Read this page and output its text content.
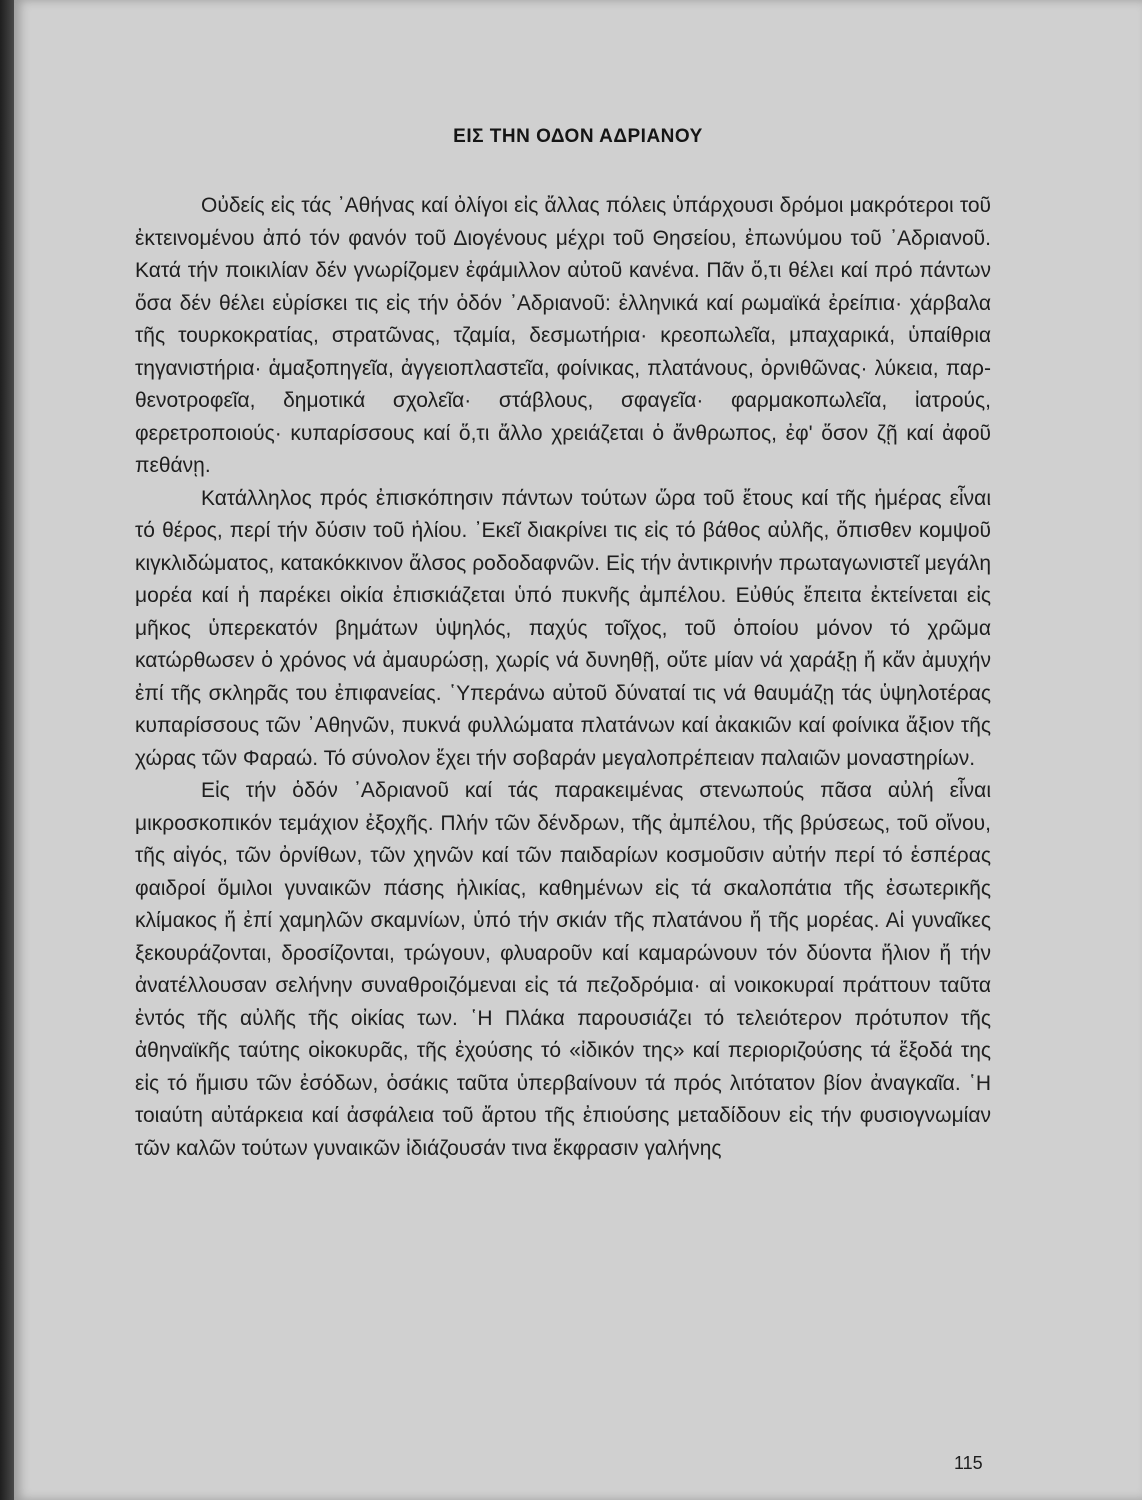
ΕΙΣ ΤΗΝ ΟΔΟΝ ΑΔΡΙΑΝΟΥ

Οὐδείς εἰς τάς ᾿Αθήνας καί ὀλίγοι εἰς ἄλλας πόλεις ὑπάρχουσι δρόμοι μακρότεροι τοῦ ἐκτεινομένου ἀπό τόν φανόν τοῦ Διογένους μέχρι τοῦ Θησείου, ἐπωνύμου τοῦ ᾿Αδριανοῦ. Κατά τήν ποικιλίαν δέν γνωρίζομεν ἐφάμιλλον αὐτοῦ κανένα. Πᾶν ὅ,τι θέλει καί πρό πάντων ὅσα δέν θέλει εὑρίσκει τις εἰς τήν ὁδόν ᾿Αδριανοῦ: ἑλληνικά καί ρωμαϊκά ἐρείπια· χάρβαλα τῆς τουρκοκρατίας, στρατῶνας, τζαμία, δεσμωτήρια· κρεοπωλεῖα, μπαχαρικά, ὑπαίθρια τηγανιστήρια· ἁμαξοπηγεῖα, ἀγγειοπλαστεῖα, φοίνικας, πλατάνους, ὀρνιθῶνας· λύκεια, παρθενοτροφεῖα, δημοτικά σχολεῖα· στάβλους, σφαγεῖα· φαρμακοπωλεῖα, ἰατρούς, φερετροποιούς· κυπαρίσσους καί ὅ,τι ἄλλο χρειάζεται ὁ ἄνθρωπος, ἐφ' ὅσον ζῇ καί ἀφοῦ πεθάνῃ.

Κατάλληλος πρός ἐπισκόπησιν πάντων τούτων ὥρα τοῦ ἔτους καί τῆς ἡμέρας εἶναι τό θέρος, περί τήν δύσιν τοῦ ἡλίου. ᾿Εκεῖ διακρίνει τις εἰς τό βάθος αὐλῆς, ὄπισθεν κομψοῦ κιγκλιδώματος, κατακόκκινον ἄλσος ροδοδαφνῶν. Εἰς τήν ἀντικρινήν πρωταγωνιστεῖ μεγάλη μορέα καί ἡ παρέκει οἰκία ἐπισκιάζεται ὑπό πυκνῆς ἀμπέλου. Εὐθύς ἔπειτα ἐκτείνεται εἰς μῆκος ὑπερεκατόν βημάτων ὑψηλός, παχύς τοῖχος, τοῦ ὁποίου μόνον τό χρῶμα κατώρθωσεν ὁ χρόνος νά ἀμαυρώσῃ, χωρίς νά δυνηθῇ, οὔτε μίαν νά χαράξῃ ἤ κἄν ἀμυχήν ἐπί τῆς σκληρᾶς του ἐπιφανείας. ῾Υπεράνω αὐτοῦ δύναταί τις νά θαυμάζῃ τάς ὑψηλοτέρας κυπαρίσσους τῶν ᾿Αθηνῶν, πυκνά φυλλώματα πλατάνων καί ἀκακιῶν καί φοίνικα ἄξιον τῆς χώρας τῶν Φαραώ. Τό σύνολον ἔχει τήν σοβαράν μεγαλοπρέπειαν παλαιῶν μοναστηρίων.

Εἰς τήν ὁδόν ᾿Αδριανοῦ καί τάς παρακειμένας στενωπούς πᾶσα αὐλή εἶναι μικροσκοπικόν τεμάχιον ἐξοχῆς. Πλήν τῶν δένδρων, τῆς ἀμπέλου, τῆς βρύσεως, τοῦ οἴνου, τῆς αἰγός, τῶν ὀρνίθων, τῶν χηνῶν καί τῶν παιδαρίων κοσμοῦσιν αὐτήν περί τό ἑσπέρας φαιδροί ὅμιλοι γυναικῶν πάσης ἡλικίας, καθημένων εἰς τά σκαλοπάτια τῆς ἐσωτερικῆς κλίμακος ἤ ἐπί χαμηλῶν σκαμνίων, ὑπό τήν σκιάν τῆς πλατάνου ἤ τῆς μορέας. Αἱ γυναῖκες ξεκουράζονται, δροσίζονται, τρώγουν, φλυαροῦν καί καμαρώνουν τόν δύοντα ἥλιον ἤ τήν ἀνατέλλουσαν σελήνην συναθροιζόμεναι εἰς τά πεζοδρόμια· αἱ νοικοκυραί πράττουν ταῦτα ἐντός τῆς αὐλῆς τῆς οἰκίας των. ῾Η Πλάκα παρουσιάζει τό τελειότερον πρότυπον τῆς ἀθηναϊκῆς ταύτης οἰκοκυρᾶς, τῆς ἐχούσης τό «ἰδικόν της» καί περιοριζούσης τά ἔξοδά της εἰς τό ἥμισυ τῶν ἐσόδων, ὁσάκις ταῦτα ὑπερβαίνουν τά πρός λιτότατον βίον ἀναγκαῖα. ῾Η τοιαύτη αὐτάρκεια καί ἀσφάλεια τοῦ ἄρτου τῆς ἐπιούσης μεταδίδουν εἰς τήν φυσιογνωμίαν τῶν καλῶν τούτων γυναικῶν ἰδιάζουσάν τινα ἔκφρασιν γαλήνης

115
